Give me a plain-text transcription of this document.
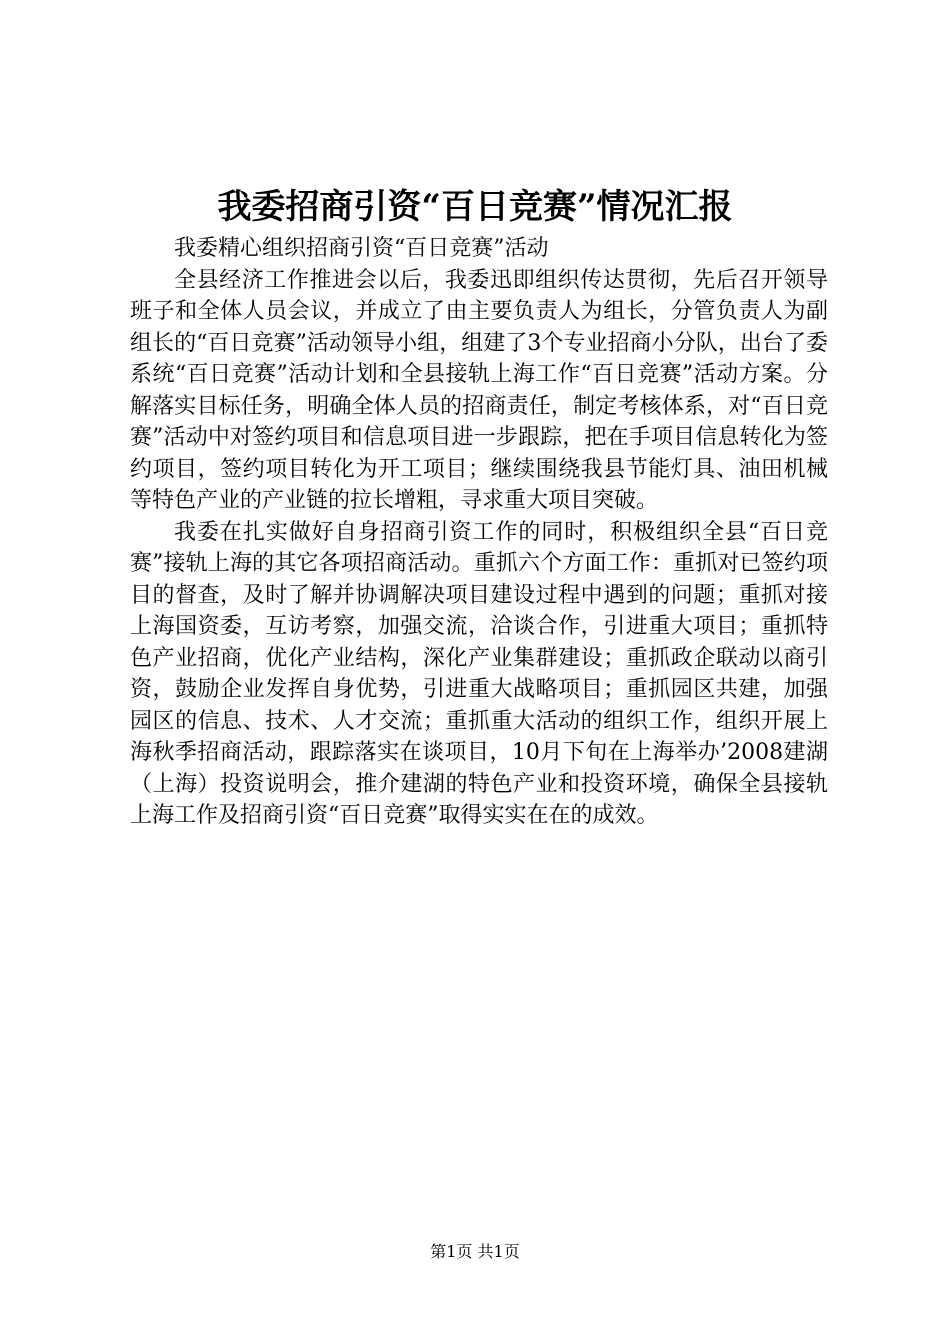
我委招商引资“百日竞赛”情况汇报

我委精心组织招商引资“百日竞赛”活动

全县经济工作推进会以后，我委迅即组织传达贯彻，先后召开领导班子和全体人员会议，并成立了由主要负责人为组长，分管负责人为副组长的“百日竞赛”活动领导小组，组建了3个专业招商小分队，出台了委系统“百日竞赛”活动计划和全县接轨上海工作“百日竞赛”活动方案。分解落实目标任务，明确全体人员的招商责任，制定考核体系，对“百日竞赛”活动中对签约项目和信息项目进一步跟踪，把在手项目信息转化为签约项目，签约项目转化为开工项目；继续围绕我县节能灯具、油田机械等特色产业的产业链的拉长增粗，寻求重大项目突破。

我委在扎实做好自身招商引资工作的同时，积极组织全县“百日竞赛”接轨上海的其它各项招商活动。重抓六个方面工作：重抓对已签约项目的督查，及时了解并协调解决项目建设过程中遇到的问题；重抓对接上海国资委，互访考察，加强交流，洽谈合作，引进重大项目；重抓特色产业招商，优化产业结构，深化产业集群建设；重抓政企联动以商引资，鼓励企业发挥自身优势，引进重大战略项目；重抓园区共建，加强园区的信息、技术、人才交流；重抓重大活动的组织工作，组织开展上海秋季招商活动，跟踪落实在谈项目，10月下旬在上海举办’2008建湖（上海）投资说明会，推介建湖的特色产业和投资环境，确保全县接轨上海工作及招商引资“百日竞赛”取得实实在在的成效。

第1页 共1页
